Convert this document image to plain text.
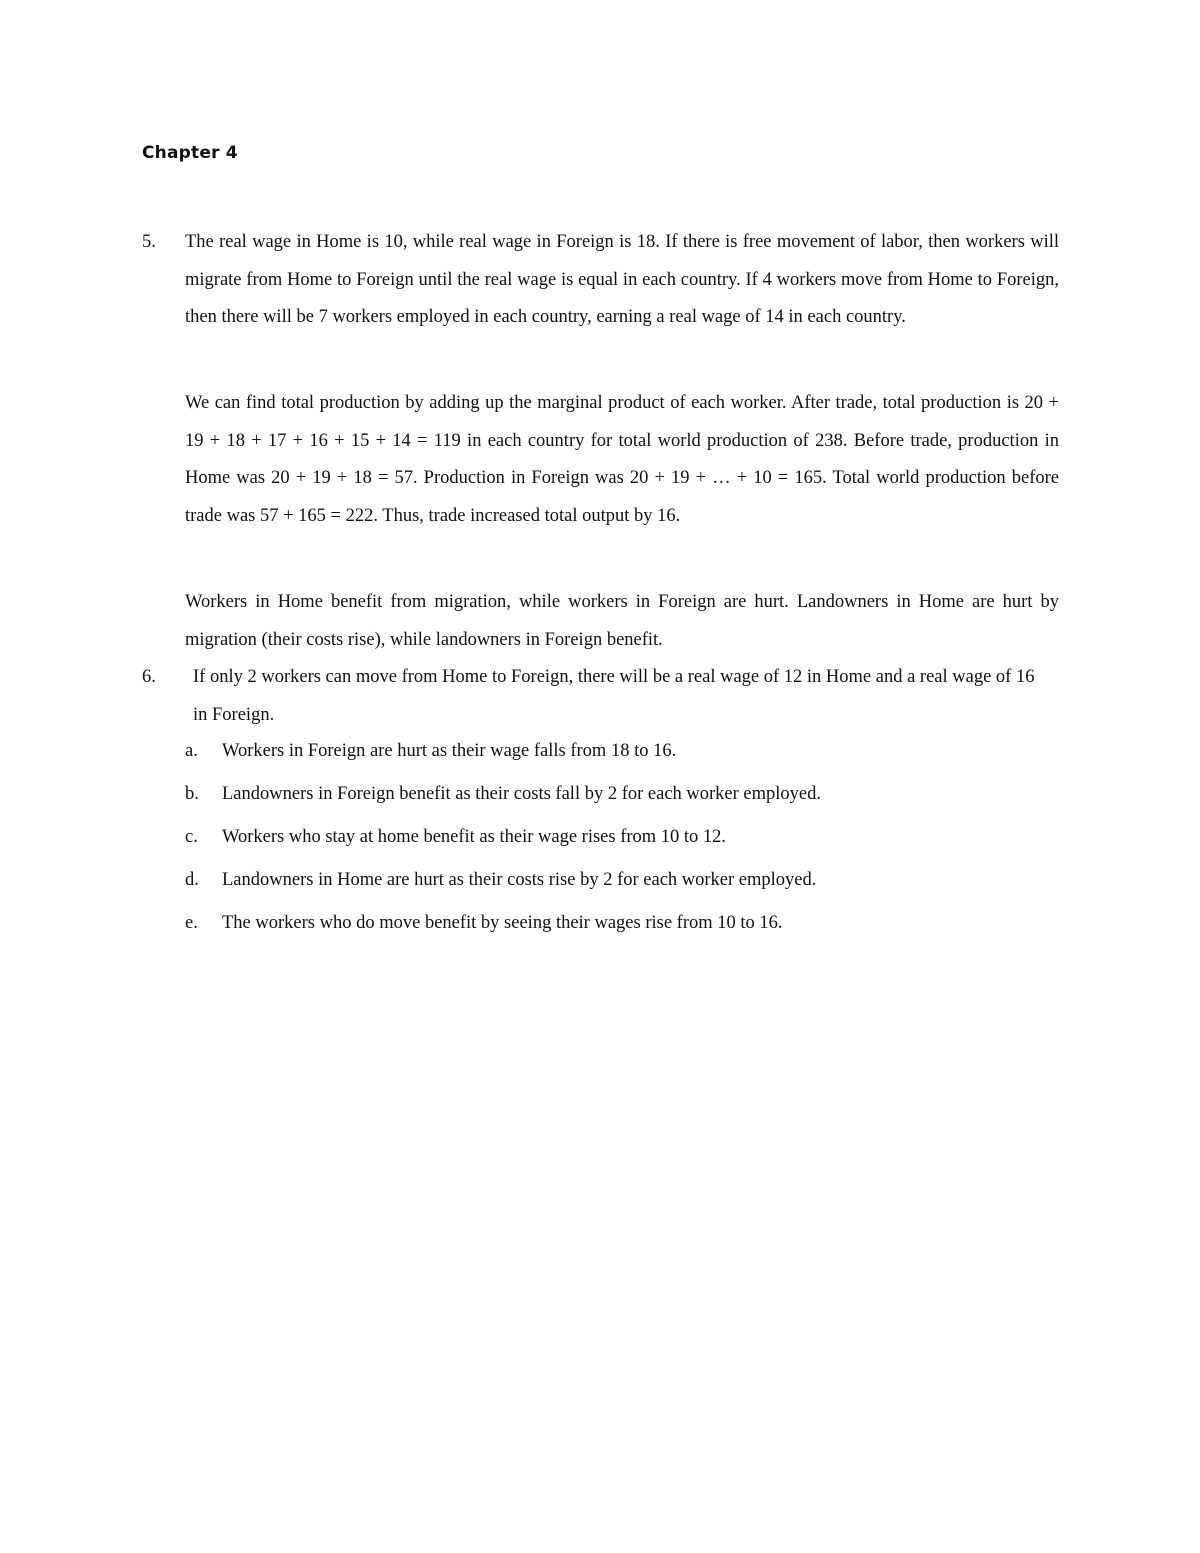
Chapter 4
5. The real wage in Home is 10, while real wage in Foreign is 18. If there is free movement of labor, then workers will migrate from Home to Foreign until the real wage is equal in each country. If 4 workers move from Home to Foreign, then there will be 7 workers employed in each country, earning a real wage of 14 in each country.

We can find total production by adding up the marginal product of each worker. After trade, total production is 20 + 19 + 18 + 17 + 16 + 15 + 14 = 119 in each country for total world production of 238. Before trade, production in Home was 20 + 19 + 18 = 57. Production in Foreign was 20 + 19 + … + 10 = 165. Total world production before trade was 57 + 165 = 222. Thus, trade increased total output by 16.

Workers in Home benefit from migration, while workers in Foreign are hurt. Landowners in Home are hurt by migration (their costs rise), while landowners in Foreign benefit.

6. If only 2 workers can move from Home to Foreign, there will be a real wage of 12 in Home and a real wage of 16 in Foreign.

a. Workers in Foreign are hurt as their wage falls from 18 to 16.
b. Landowners in Foreign benefit as their costs fall by 2 for each worker employed.
c. Workers who stay at home benefit as their wage rises from 10 to 12.
d. Landowners in Home are hurt as their costs rise by 2 for each worker employed.
e. The workers who do move benefit by seeing their wages rise from 10 to 16.
